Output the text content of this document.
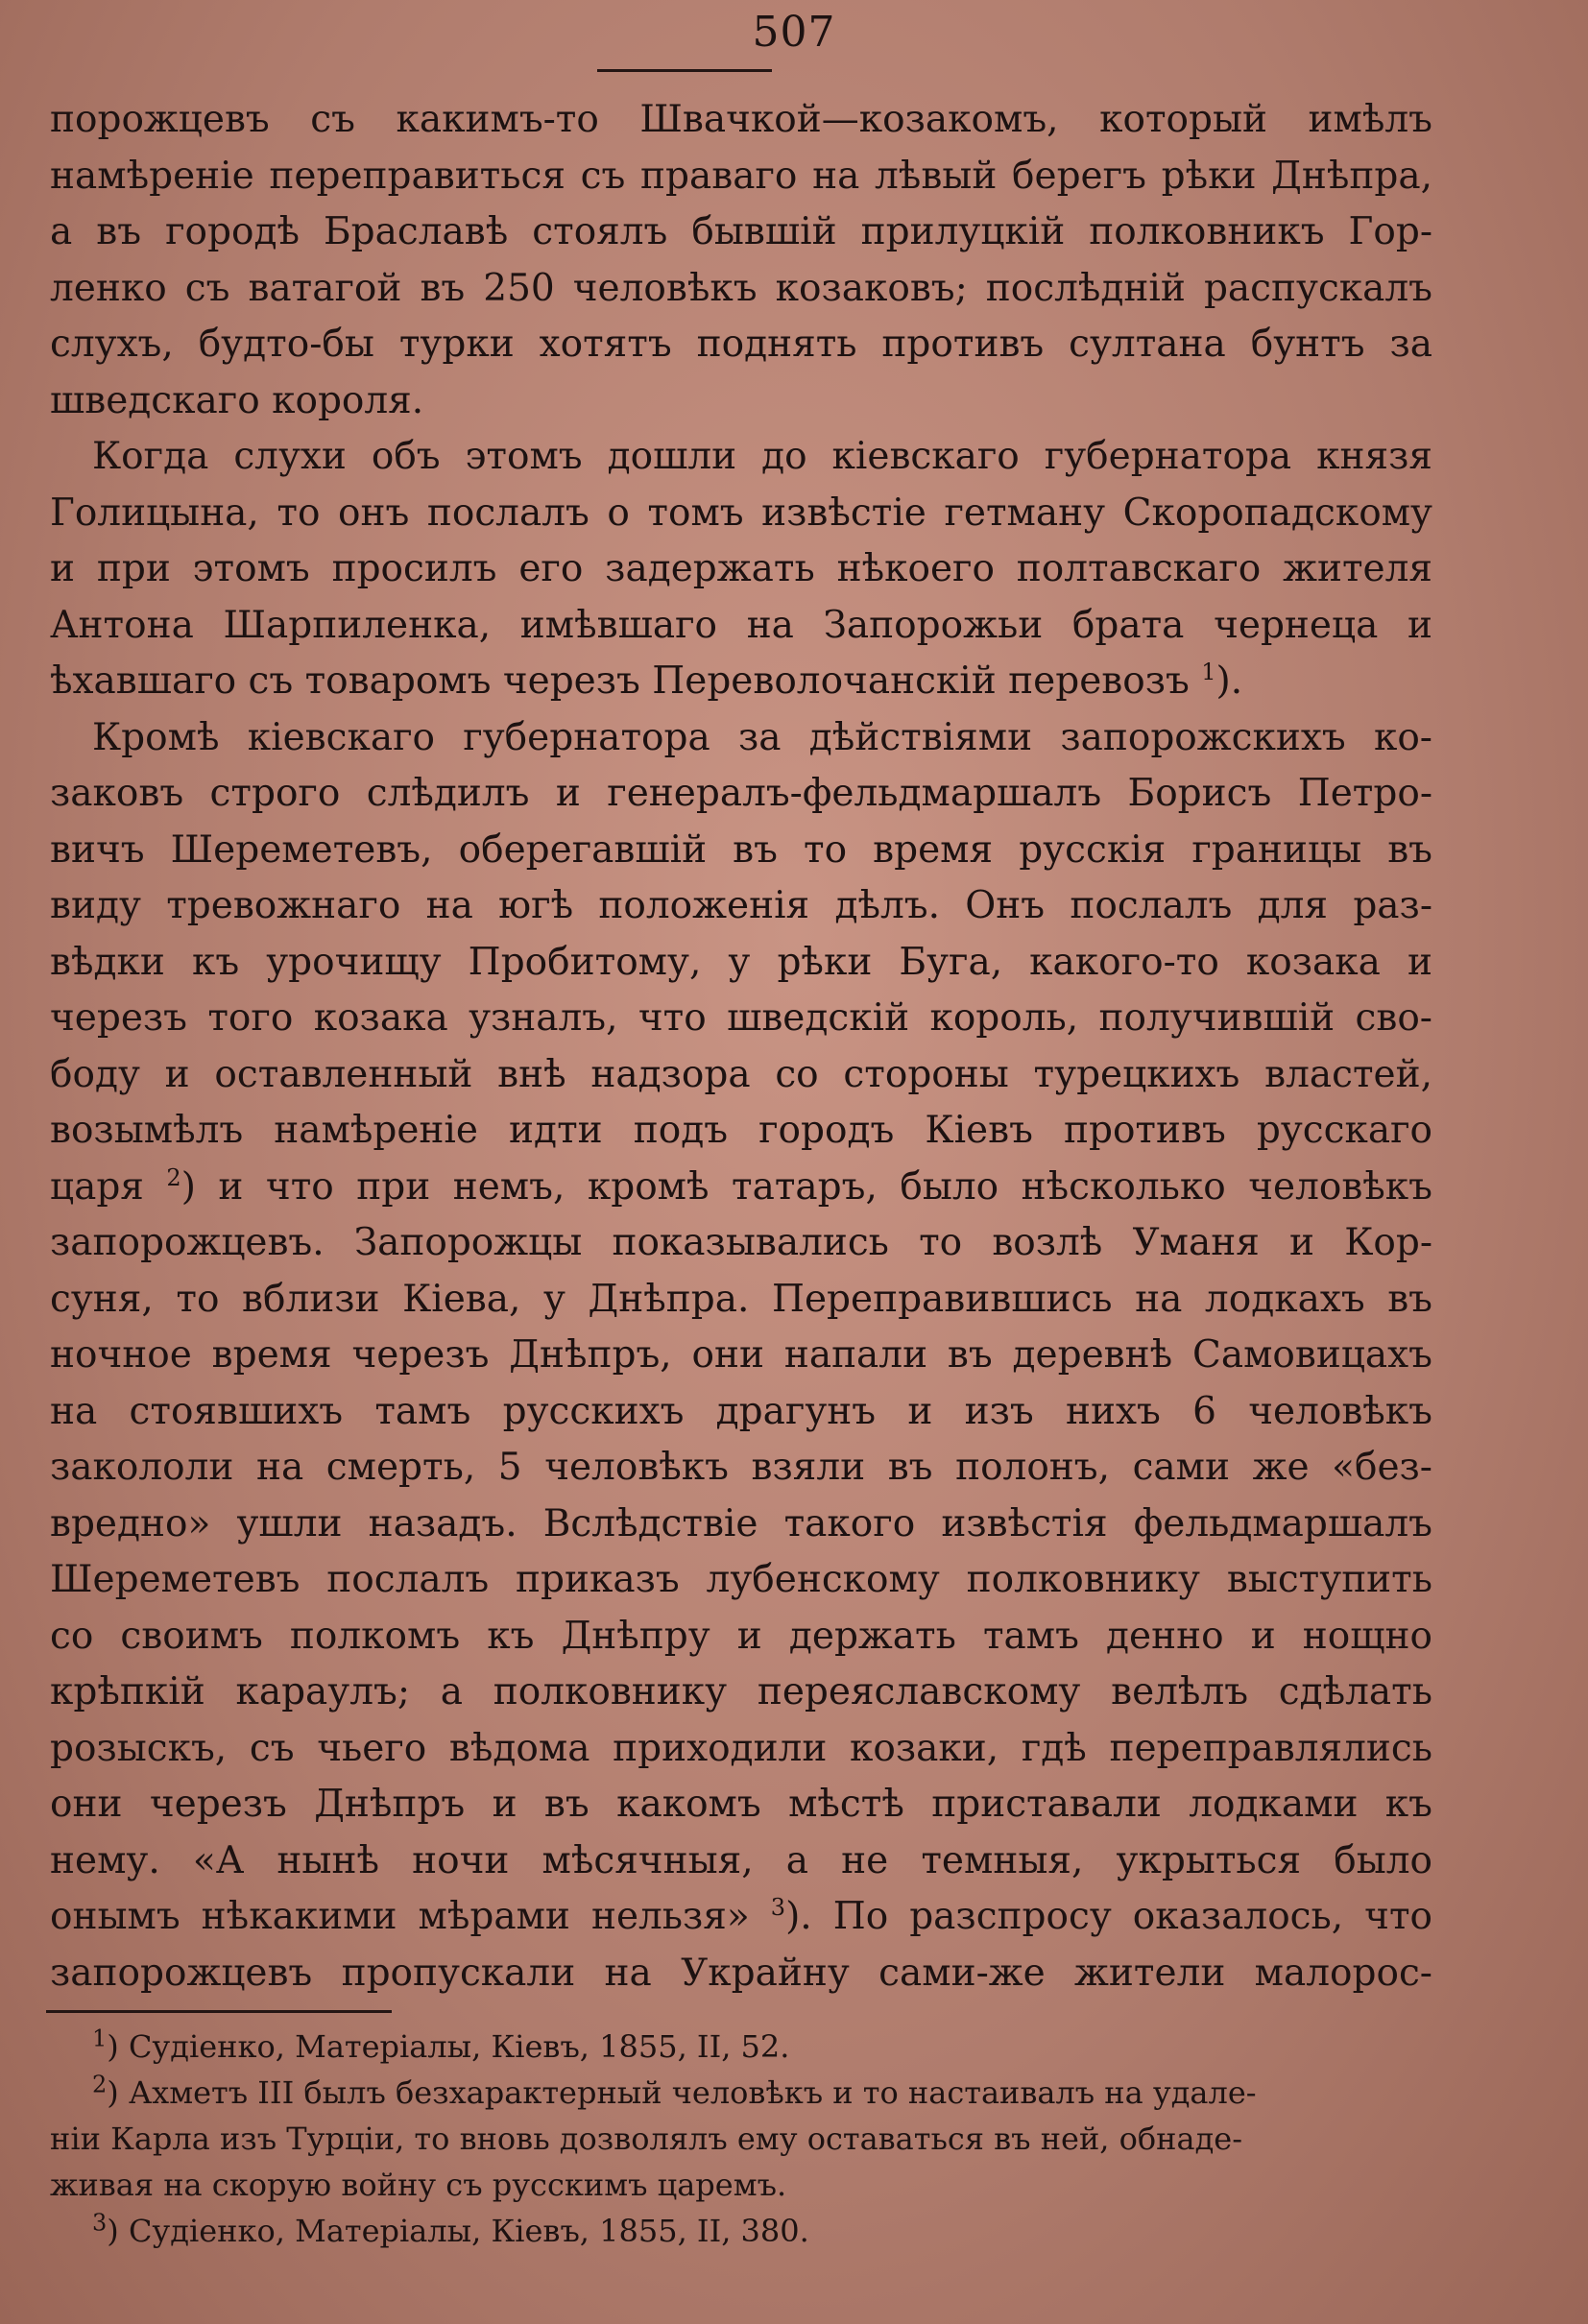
507
порожцевъ съ какимъ-то Швачкой—козакомъ, который имѣлъ
намѣреніе переправиться съ праваго на лѣвый берегъ рѣки Днѣпра,
а въ городѣ Браславѣ стоялъ бывшій прилуцкій полковникъ Гор-
ленко съ ватагой въ 250 человѣкъ козаковъ; послѣдній распускалъ
слухъ, будто-бы турки хотятъ поднять противъ султана бунтъ за
шведскаго короля.
Когда слухи объ этомъ дошли до кіевскаго губернатора князя
Голицына, то онъ послалъ о томъ извѣстіе гетману Скоропадскому
и при этомъ просилъ его задержать нѣкоего полтавскаго жителя
Антона Шарпиленка, имѣвшаго на Запорожьи брата чернеца и
ѣхавшаго съ товаромъ черезъ Переволочанскій перевозъ $^1$).
Кромѣ кіевскаго губернатора за дѣйствіями запорожскихъ ко-
заковъ строго слѣдилъ и генералъ-фельдмаршалъ Борисъ Петро-
вичъ Шереметевъ, оберегавшій въ то время русскія границы въ
виду тревожнаго на югѣ положенія дѣлъ. Онъ послалъ для раз-
вѣдки къ урочищу Пробитому, у рѣки Буга, какого-то козака и
черезъ того козака узналъ, что шведскій король, получившій сво-
боду и оставленный внѣ надзора со стороны турецкихъ властей,
возымѣлъ намѣреніе идти подъ городъ Кіевъ противъ русскаго
царя $^2$) и что при немъ, кромѣ татаръ, было нѣсколько человѣкъ
запорожцевъ. Запорожцы показывались то возлѣ Уманя и Кор-
суня, то вблизи Кіева, у Днѣпра. Переправившись на лодкахъ въ
ночное время черезъ Днѣпръ, они напали въ деревнѣ Самовицахъ
на стоявшихъ тамъ русскихъ драгунъ и изъ нихъ 6 человѣкъ
закололи на смерть, 5 человѣкъ взяли въ полонъ, сами же «без-
вредно» ушли назадъ. Вслѣдствіе такого извѣстія фельдмаршалъ
Шереметевъ послалъ приказъ лубенскому полковнику выступить
со своимъ полкомъ къ Днѣпру и держать тамъ денно и нощно
крѣпкій караулъ; а полковнику переяславскому велѣлъ сдѣлать
розыскъ, съ чьего вѣдома приходили козаки, гдѣ переправлялись
они черезъ Днѣпръ и въ какомъ мѣстѣ приставали лодками къ
нему. «А нынѣ ночи мѣсячныя, а не темныя, укрыться было
онымъ нѣкакими мѣрами нельзя» $^3$). По разспросу оказалось, что
запорожцевъ пропускали на Украйну сами-же жители малорос-
$^1$) Судіенко, Матеріалы, Кіевъ, 1855, II, 52.
$^2$) Ахметъ III былъ безхарактерный человѣкъ и то настаивалъ на удале-
ніи Карла изъ Турціи, то вновь дозволялъ ему оставаться въ ней, обнаде-
живая на скорую войну съ русскимъ царемъ.
$^3$) Судіенко, Матеріалы, Кіевъ, 1855, II, 380.
